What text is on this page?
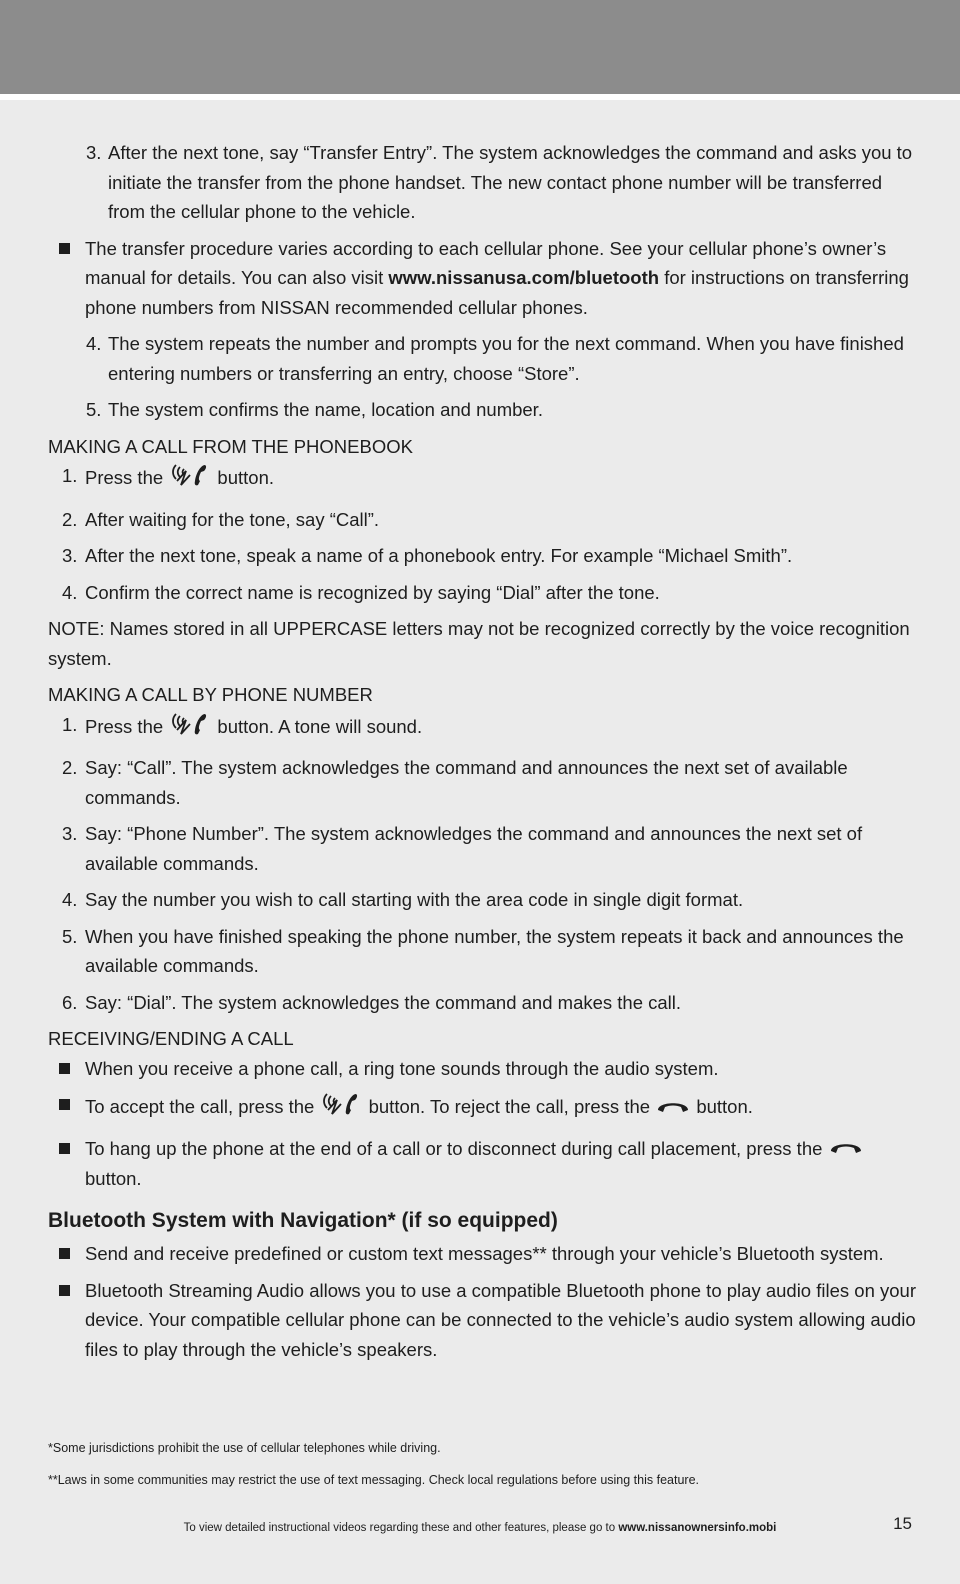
3. After the next tone, say “Transfer Entry”. The system acknowledges the command and asks you to initiate the transfer from the phone handset. The new contact phone number will be transferred from the cellular phone to the vehicle.
The transfer procedure varies according to each cellular phone. See your cellular phone’s owner’s manual for details. You can also visit www.nissanusa.com/bluetooth for instructions on transferring phone numbers from NISSAN recommended cellular phones.
4. The system repeats the number and prompts you for the next command. When you have finished entering numbers or transferring an entry, choose “Store”.
5. The system confirms the name, location and number.

MAKING A CALL FROM THE PHONEBOOK

1. Press the  button.
2. After waiting for the tone, say “Call”.
3. After the next tone, speak a name of a phonebook entry. For example “Michael Smith”.
4. Confirm the correct name is recognized by saying “Dial” after the tone.

NOTE: Names stored in all UPPERCASE letters may not be recognized correctly by the voice recognition system.

MAKING A CALL BY PHONE NUMBER

1. Press the  button. A tone will sound.
2. Say: “Call”. The system acknowledges the command and announces the next set of available commands.
3. Say: “Phone Number”. The system acknowledges the command and announces the next set of available commands.
4. Say the number you wish to call starting with the area code in single digit format.
5. When you have finished speaking the phone number, the system repeats it back and announces the available commands.
6. Say: “Dial”. The system acknowledges the command and makes the call.

RECEIVING/ENDING A CALL

When you receive a phone call, a ring tone sounds through the audio system.
To accept the call, press the  button. To reject the call, press the  button.
To hang up the phone at the end of a call or to disconnect during call placement, press the  button.

Bluetooth System with Navigation* (if so equipped)

Send and receive predefined or custom text messages** through your vehicle’s Bluetooth system.
Bluetooth Streaming Audio allows you to use a compatible Bluetooth phone to play audio files on your device. Your compatible cellular phone can be connected to the vehicle’s audio system allowing audio files to play through the vehicle’s speakers.
*Some jurisdictions prohibit the use of cellular telephones while driving.
**Laws in some communities may restrict the use of text messaging. Check local regulations before using this feature.
To view detailed instructional videos regarding these and other features, please go to www.nissanownersinfo.mobi	15
